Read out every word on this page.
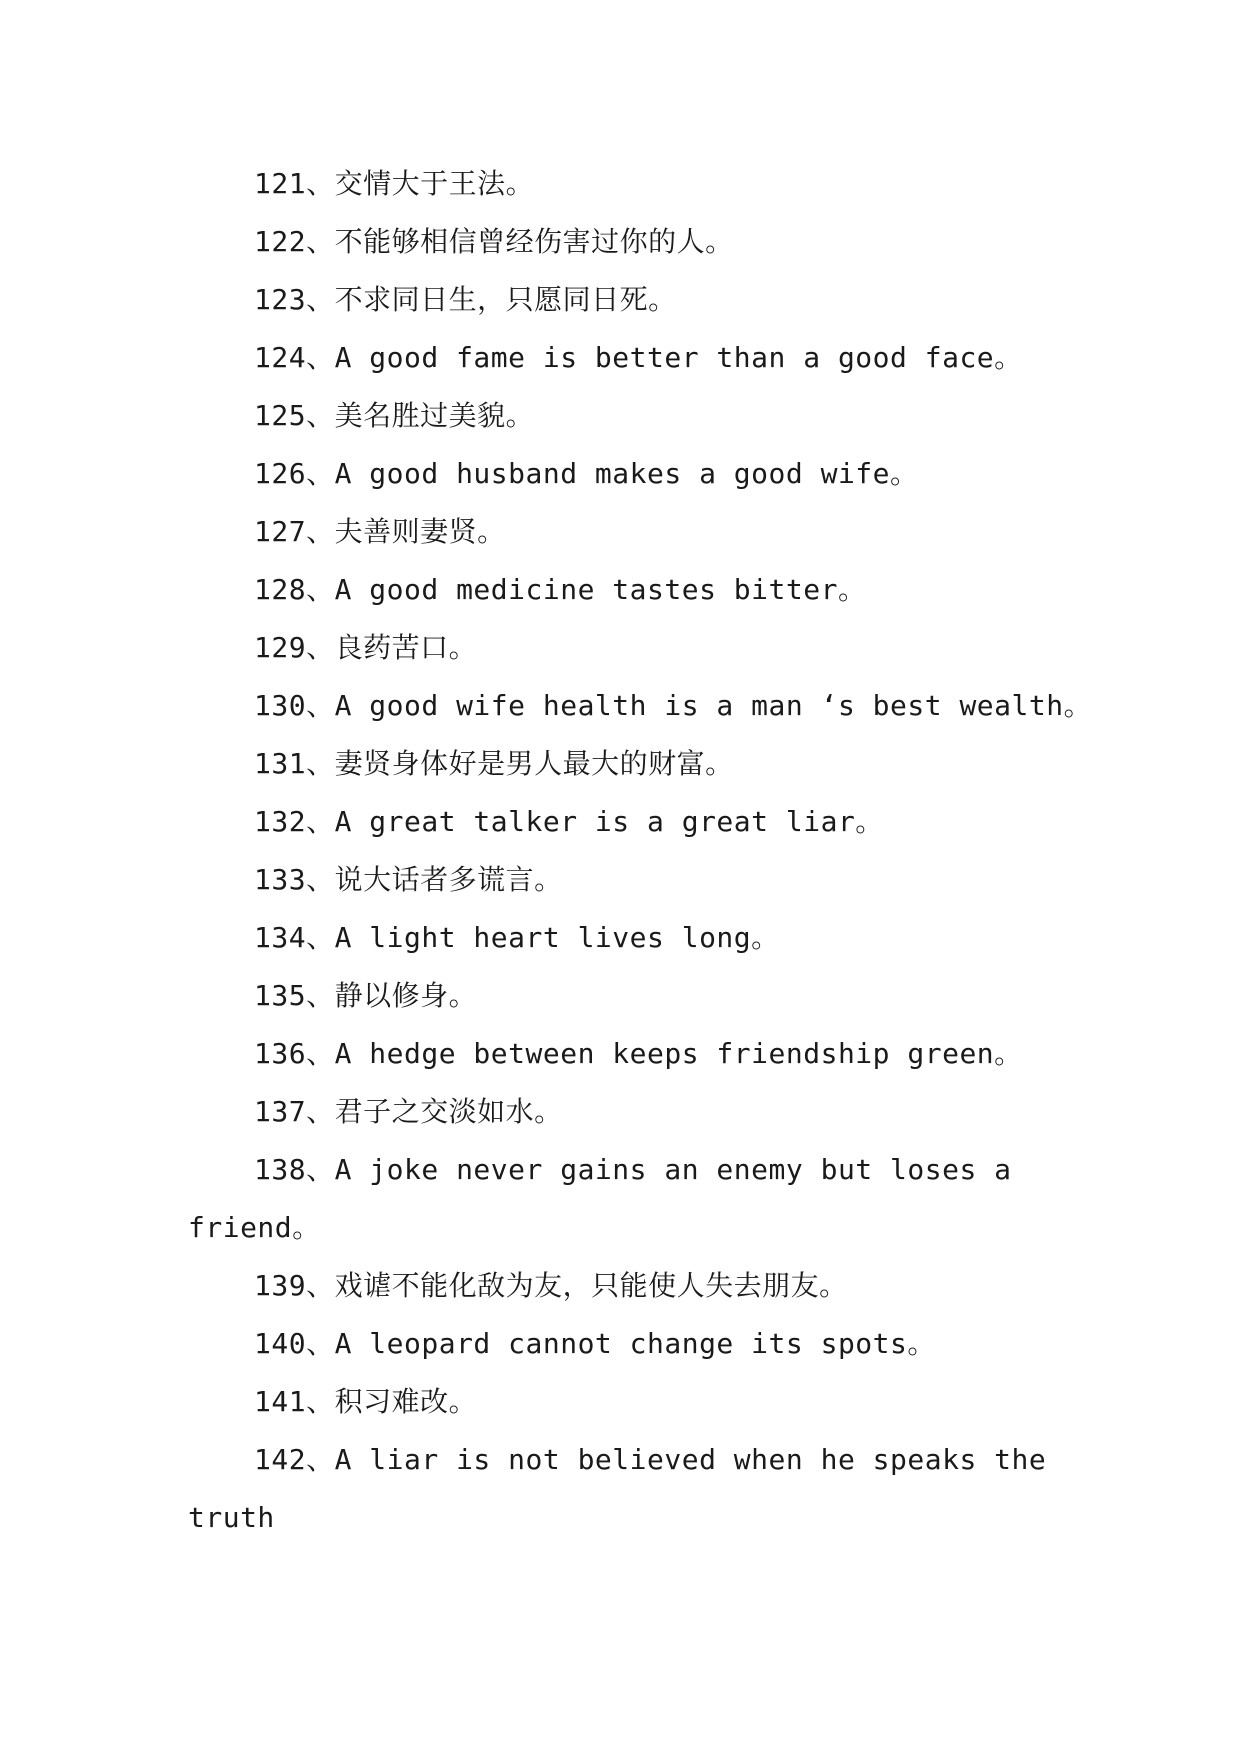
121、交情大于王法。
122、不能够相信曾经伤害过你的人。
123、不求同日生，只愿同日死。
124、A good fame is better than a good face。
125、美名胜过美貌。
126、A good husband makes a good wife。
127、夫善则妻贤。
128、A good medicine tastes bitter。
129、良药苦口。
130、A good wife health is a man ‘s best wealth。
131、妻贤身体好是男人最大的财富。
132、A great talker is a great liar。
133、说大话者多谎言。
134、A light heart lives long。
135、静以修身。
136、A hedge between keeps friendship green。
137、君子之交淡如水。
138、A joke never gains an enemy but loses a
friend。
139、戏谑不能化敌为友，只能使人失去朋友。
140、A leopard cannot change its spots。
141、积习难改。
142、A liar is not believed when he speaks the
truth
